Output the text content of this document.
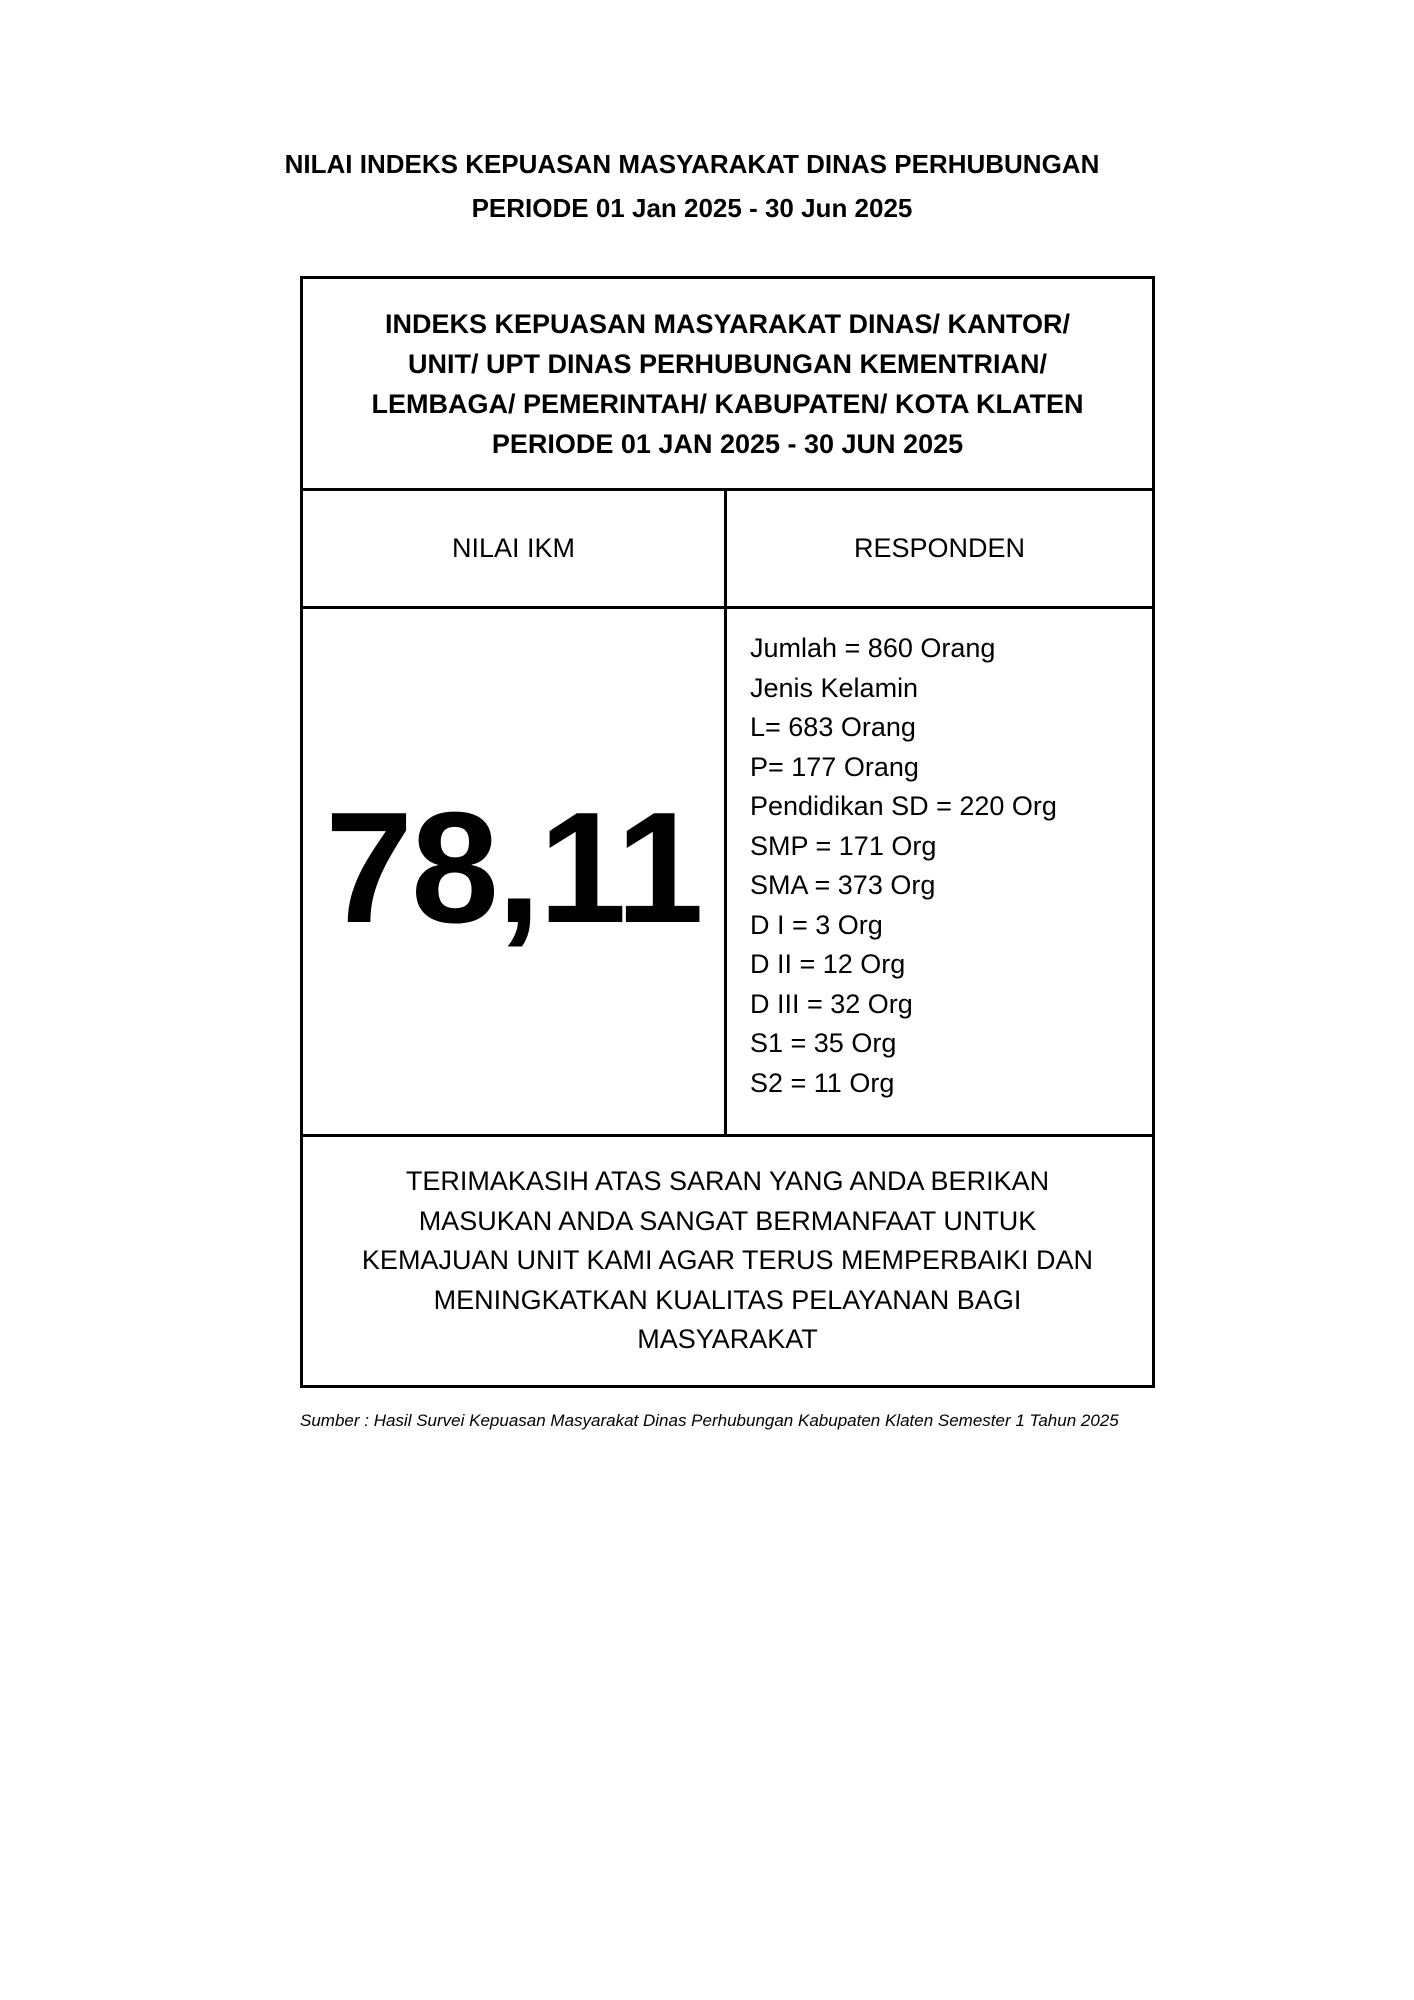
NILAI INDEKS KEPUASAN MASYARAKAT DINAS PERHUBUNGAN
PERIODE 01 Jan 2025 - 30 Jun 2025
INDEKS KEPUASAN MASYARAKAT DINAS/ KANTOR/
UNIT/ UPT DINAS PERHUBUNGAN KEMENTRIAN/
LEMBAGA/ PEMERINTAH/ KABUPATEN/ KOTA KLATEN
PERIODE 01 JAN 2025 - 30 JUN 2025
NILAI IKM	RESPONDEN
78,11
Jumlah = 860 Orang
Jenis Kelamin
L= 683 Orang
P= 177 Orang
Pendidikan SD = 220 Org
SMP = 171 Org
SMA = 373 Org
D I = 3 Org
D II = 12 Org
D III = 32 Org
S1 = 35 Org
S2 = 11 Org
TERIMAKASIH ATAS SARAN YANG ANDA BERIKAN
MASUKAN ANDA SANGAT BERMANFAAT UNTUK
KEMAJUAN UNIT KAMI AGAR TERUS MEMPERBAIKI DAN
MENINGKATKAN KUALITAS PELAYANAN BAGI
MASYARAKAT
Sumber : Hasil Survei Kepuasan Masyarakat Dinas Perhubungan Kabupaten Klaten Semester 1 Tahun 2025
